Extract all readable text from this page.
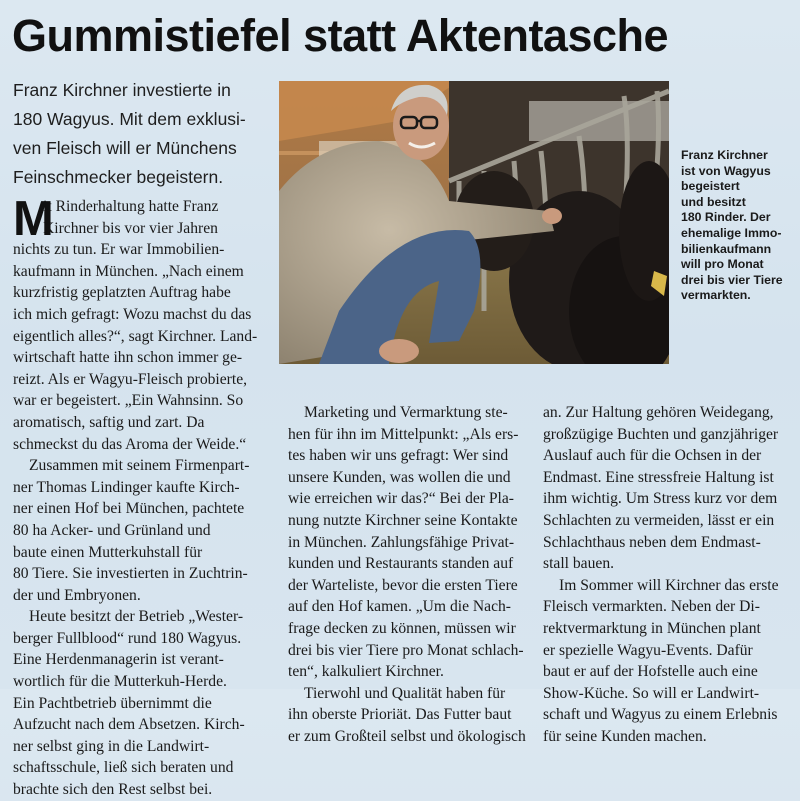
Gummistiefel statt Aktentasche
Franz Kirchner investierte in
180 Wagyus. Mit dem exklusi-
ven Fleisch will er Münchens
Feinschmecker begeistern.
M
it Rinderhaltung hatte Franz
Kirchner bis vor vier Jahren
nichts zu tun. Er war Immobilien-
kaufmann in München. „Nach einem
kurzfristig geplatzten Auftrag habe
ich mich gefragt: Wozu machst du das
eigentlich alles?“, sagt Kirchner. Land-
wirtschaft hatte ihn schon immer ge-
reizt. Als er Wagyu-Fleisch probierte,
war er begeistert. „Ein Wahnsinn. So
aromatisch, saftig und zart. Da
schmeckst du das Aroma der Weide.“
Zusammen mit seinem Firmenpart-
ner Thomas Lindinger kaufte Kirch-
ner einen Hof bei München, pachtete
80 ha Acker- und Grünland und
baute einen Mutterkuhstall für
80 Tiere. Sie investierten in Zuchtrin-
der und Embryonen.
Heute besitzt der Betrieb „Wester-
berger Fullblood“ rund 180 Wagyus.
Eine Herdenmanagerin ist verant-
wortlich für die Mutterkuh-Herde.
Ein Pachtbetrieb übernimmt die
Aufzucht nach dem Absetzen. Kirch-
ner selbst ging in die Landwirt-
schaftsschule, ließ sich beraten und
brachte sich den Rest selbst bei.
Marketing und Vermarktung ste-
hen für ihn im Mittelpunkt: „Als ers-
tes haben wir uns gefragt: Wer sind
unsere Kunden, was wollen die und
wie erreichen wir das?“ Bei der Pla-
nung nutzte Kirchner seine Kontakte
in München. Zahlungsfähige Privat-
kunden und Restaurants standen auf
der Warteliste, bevor die ersten Tiere
auf den Hof kamen. „Um die Nach-
frage decken zu können, müssen wir
drei bis vier Tiere pro Monat schlach-
ten“, kalkuliert Kirchner.
Tierwohl und Qualität haben für
ihn oberste Prioriät. Das Futter baut
er zum Großteil selbst und ökologisch
an. Zur Haltung gehören Weidegang,
großzügige Buchten und ganzjähriger
Auslauf auch für die Ochsen in der
Endmast. Eine stressfreie Haltung ist
ihm wichtig. Um Stress kurz vor dem
Schlachten zu vermeiden, lässt er ein
Schlachthaus neben dem Endmast-
stall bauen.
Im Sommer will Kirchner das erste
Fleisch vermarkten. Neben der Di-
rektvermarktung in München plant
er spezielle Wagyu-Events. Dafür
baut er auf der Hofstelle auch eine
Show-Küche. So will er Landwirt-
schaft und Wagyus zu einem Erlebnis
für seine Kunden machen.
Franz Kirchner
ist von Wagyus
begeistert
und besitzt
180 Rinder. Der
ehemalige Immo-
bilienkaufmann
will pro Monat
drei bis vier Tiere
vermarkten.
